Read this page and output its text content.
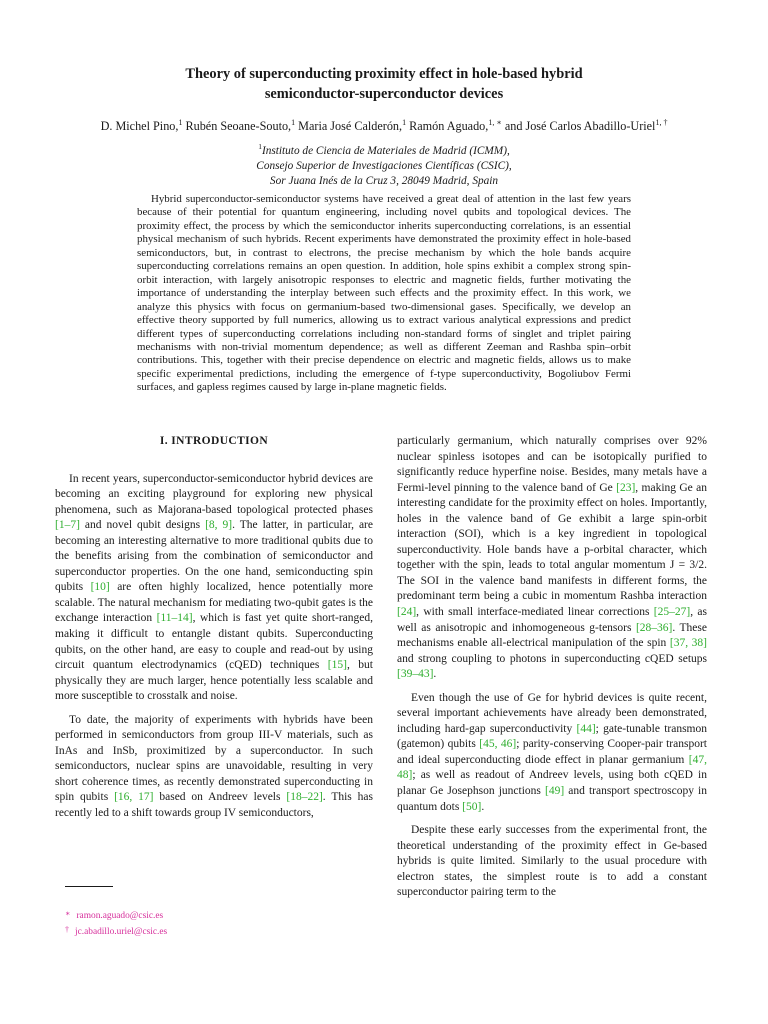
Theory of superconducting proximity effect in hole-based hybrid
semiconductor-superconductor devices
D. Michel Pino,$^1$ Rubén Seoane-Souto,$^1$ Maria José Calderón,$^1$ Ramón Aguado,$^{1, ∗}$ and José Carlos Abadillo-Uriel$^{1, \dagger}$
$^1$Instituto de Ciencia de Materiales de Madrid (ICMM),
Consejo Superior de Investigaciones Científicas (CSIC),
Sor Juana Inés de la Cruz 3, 28049 Madrid, Spain

Hybrid superconductor-semiconductor systems have received a great deal of attention in the last few years because of their potential for quantum engineering, including novel qubits and topological devices. The proximity effect, the process by which the semiconductor inherits superconducting correlations, is an essential physical mechanism of such hybrids. Recent experiments have demonstrated the proximity effect in hole-based semiconductors, but, in contrast to electrons, the precise mechanism by which the hole bands acquire superconducting correlations remains an open question. In addition, hole spins exhibit a complex strong spin-orbit interaction, with largely anisotropic responses to electric and magnetic fields, further motivating the importance of understanding the interplay between such effects and the proximity effect. In this work, we analyze this physics with focus on germanium-based two-dimensional gases. Specifically, we develop an effective theory supported by full numerics, allowing us to extract various analytical expressions and predict different types of superconducting correlations including non-standard forms of singlet and triplet pairing mechanisms with non-trivial momentum dependence; as well as different Zeeman and Rashba spin–orbit contributions. This, together with their precise dependence on electric and magnetic fields, allows us to make specific experimental predictions, including the emergence of f-type superconductivity, Bogoliubov Fermi surfaces, and gapless regimes caused by large in-plane magnetic fields.

I. INTRODUCTION

In recent years, superconductor-semiconductor hybrid devices are becoming an exciting playground for exploring new physical phenomena, such as Majorana-based topological protected phases [1–7] and novel qubit designs [8, 9]. The latter, in particular, are becoming an interesting alternative to more traditional qubits due to the benefits arising from the combination of semiconductor and superconductor properties. On the one hand, semiconducting spin qubits [10] are often highly localized, hence potentially more scalable. The natural mechanism for mediating two-qubit gates is the exchange interaction [11–14], which is fast yet quite short-ranged, making it difficult to entangle distant qubits. Superconducting qubits, on the other hand, are easy to couple and read-out by using circuit quantum electrodynamics (cQED) techniques [15], but physically they are much larger, hence potentially less scalable and more susceptible to crosstalk and noise.

To date, the majority of experiments with hybrids have been performed in semiconductors from group III-V materials, such as InAs and InSb, proximitized by a superconductor. In such semiconductors, nuclear spins are unavoidable, resulting in very short coherence times, as recently demonstrated superconducting in spin qubits [16, 17] based on Andreev levels [18–22]. This has recently led to a shift towards group IV semiconductors,

particularly germanium, which naturally comprises over 92% nuclear spinless isotopes and can be isotopically purified to significantly reduce hyperfine noise. Besides, many metals have a Fermi-level pinning to the valence band of Ge [23], making Ge an interesting candidate for the proximity effect on holes. Importantly, holes in the valence band of Ge exhibit a large spin-orbit interaction (SOI), which is a key ingredient in topological superconductivity. Hole bands have a p-orbital character, which together with the spin, leads to total angular momentum J = 3/2. The SOI in the valence band manifests in different forms, the predominant term being a cubic in momentum Rashba interaction [24], with small interface-mediated linear corrections [25–27], as well as anisotropic and inhomogeneous g-tensors [28–36]. These mechanisms enable all-electrical manipulation of the spin [37, 38] and strong coupling to photons in superconducting cQED setups [39–43].

Even though the use of Ge for hybrid devices is quite recent, several important achievements have already been demonstrated, including hard-gap superconductivity [44]; gate-tunable transmon (gatemon) qubits [45, 46]; parity-conserving Cooper-pair transport and ideal superconducting diode effect in planar germanium [47, 48]; as well as readout of Andreev levels, using both cQED in planar Ge Josephson junctions [49] and transport spectroscopy in quantum dots [50].

Despite these early successes from the experimental front, the theoretical understanding of the proximity effect in Ge-based hybrids is quite limited. Similarly to the usual procedure with electron states, the simplest route is to add a constant superconductor pairing term to the

∗ ramon.aguado@csic.es
† jc.abadillo.uriel@csic.es
